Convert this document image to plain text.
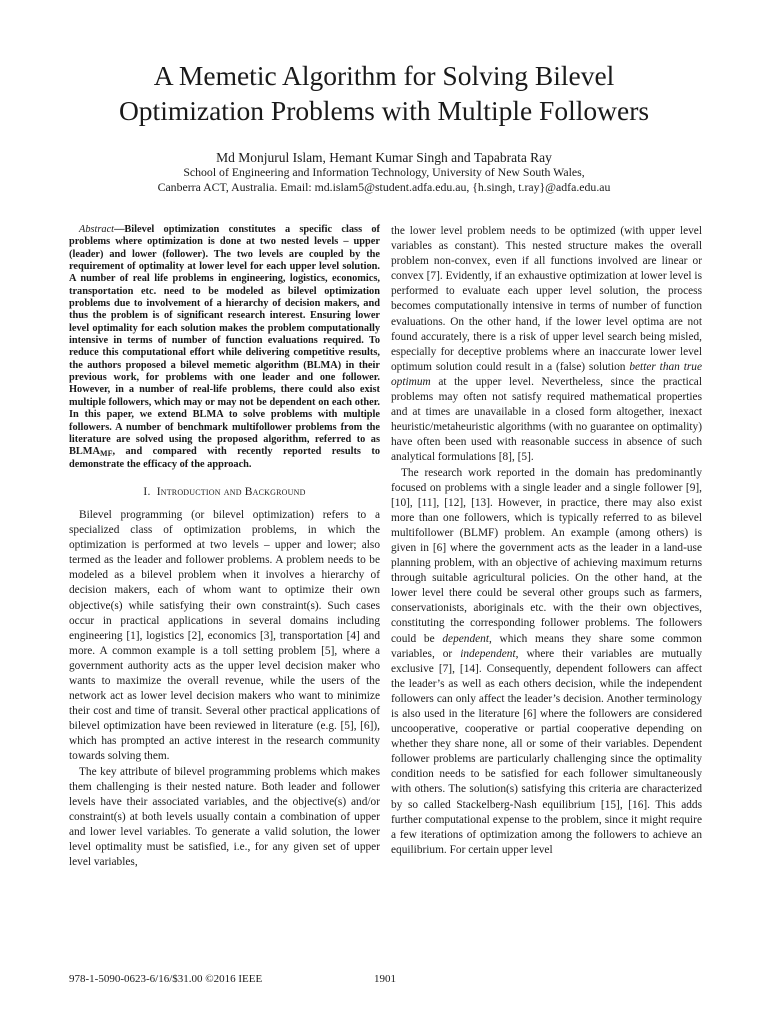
A Memetic Algorithm for Solving Bilevel
Optimization Problems with Multiple Followers
Md Monjurul Islam, Hemant Kumar Singh and Tapabrata Ray
School of Engineering and Information Technology, University of New South Wales,
Canberra ACT, Australia. Email: md.islam5@student.adfa.edu.au, {h.singh, t.ray}@adfa.edu.au

Abstract—Bilevel optimization constitutes a specific class of problems where optimization is done at two nested levels – upper (leader) and lower (follower). The two levels are coupled by the requirement of optimality at lower level for each upper level solution. A number of real life problems in engineering, logistics, economics, transportation etc. need to be modeled as bilevel optimization problems due to involvement of a hierarchy of decision makers, and thus the problem is of significant research interest. Ensuring lower level optimality for each solution makes the problem computationally intensive in terms of number of function evaluations required. To reduce this computational effort while delivering competitive results, the authors proposed a bilevel memetic algorithm (BLMA) in their previous work, for problems with one leader and one follower. However, in a number of real-life problems, there could also exist multiple followers, which may or may not be dependent on each other. In this paper, we extend BLMA to solve problems with multiple followers. A number of benchmark multifollower problems from the literature are solved using the proposed algorithm, referred to as $BLMA_{MF}$, and compared with recently reported results to demonstrate the efficacy of the approach.

I. Introduction and Background

Bilevel programming (or bilevel optimization) refers to a specialized class of optimization problems, in which the optimization is performed at two levels – upper and lower; also termed as the leader and follower problems. A problem needs to be modeled as a bilevel problem when it involves a hierarchy of decision makers, each of whom want to optimize their own objective(s) while satisfying their own constraint(s). Such cases occur in practical applications in several domains including engineering [1], logistics [2], economics [3], transportation [4] and more. A common example is a toll setting problem [5], where a government authority acts as the upper level decision maker who wants to maximize the overall revenue, while the users of the network act as lower level decision makers who want to minimize their cost and time of transit. Several other practical applications of bilevel optimization have been reviewed in literature (e.g. [5], [6]), which has prompted an active interest in the research community towards solving them.

The key attribute of bilevel programming problems which makes them challenging is their nested nature. Both leader and follower levels have their associated variables, and the objective(s) and/or constraint(s) at both levels usually contain a combination of upper and lower level variables. To generate a valid solution, the lower level optimality must be satisfied, i.e., for any given set of upper level variables,

the lower level problem needs to be optimized (with upper level variables as constant). This nested structure makes the overall problem non-convex, even if all functions involved are linear or convex [7]. Evidently, if an exhaustive optimization at lower level is performed to evaluate each upper level solution, the process becomes computationally intensive in terms of number of function evaluations. On the other hand, if the lower level optima are not found accurately, there is a risk of upper level search being misled, especially for deceptive problems where an inaccurate lower level optimum solution could result in a (false) solution better than true optimum at the upper level. Nevertheless, since the practical problems may often not satisfy required mathematical properties and at times are unavailable in a closed form altogether, inexact heuristic/metaheuristic algorithms (with no guarantee on optimality) have often been used with reasonable success in absence of such analytical formulations [8], [5].

The research work reported in the domain has predominantly focused on problems with a single leader and a single follower [9], [10], [11], [12], [13]. However, in practice, there may also exist more than one followers, which is typically referred to as bilevel multifollower (BLMF) problem. An example (among others) is given in [6] where the government acts as the leader in a land-use planning problem, with an objective of achieving maximum returns through suitable agricultural policies. On the other hand, at the lower level there could be several other groups such as farmers, conservationists, aboriginals etc. with the their own objectives, constituting the corresponding follower problems. The followers could be dependent, which means they share some common variables, or independent, where their variables are mutually exclusive [7], [14]. Consequently, dependent followers can affect the leader’s as well as each others decision, while the independent followers can only affect the leader’s decision. Another terminology is also used in the literature [6] where the followers are considered uncooperative, cooperative or partial cooperative depending on whether they share none, all or some of their variables. Dependent follower problems are particularly challenging since the optimality condition needs to be satisfied for each follower simultaneously with others. The solution(s) satisfying this criteria are characterized by so called Stackelberg-Nash equilibrium [15], [16]. This adds further computational expense to the problem, since it might require a few iterations of optimization among the followers to achieve an equilibrium. For certain upper level

978-1-5090-0623-6/16/$31.00 ©2016 IEEE	1901
